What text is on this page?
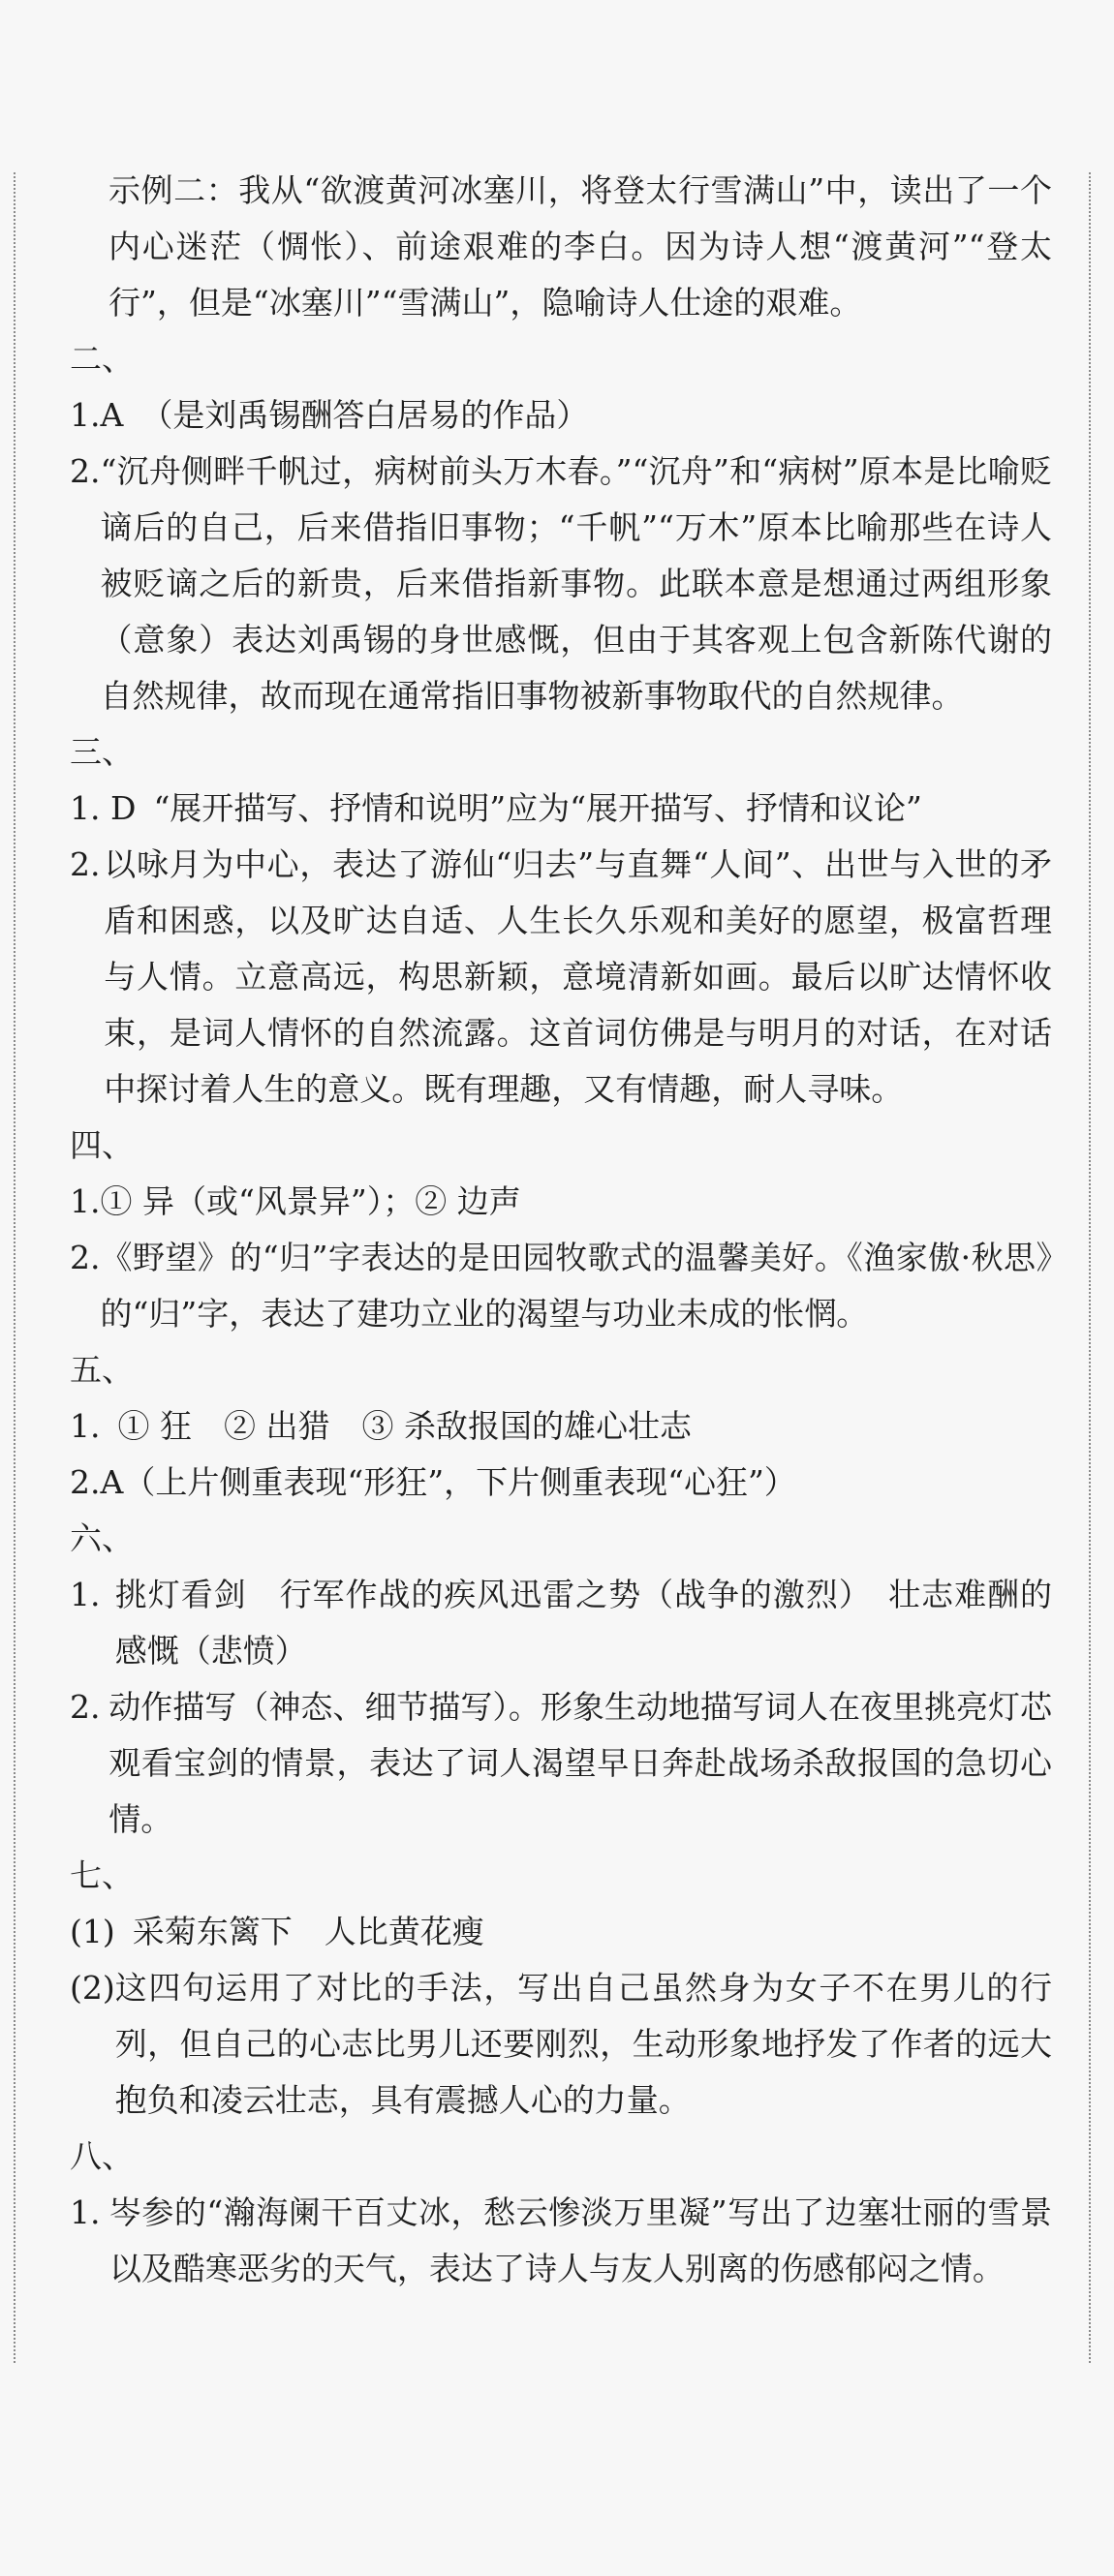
示例二：我从“欲渡黄河冰塞川，将登太行雪满山”中，读出了一个内心迷茫（惆怅）、前途艰难的李白。因为诗人想“渡黄河”“登太行”，但是“冰塞川”“雪满山”，隐喻诗人仕途的艰难。
二、
1.A （是刘禹锡酬答白居易的作品）
2. “沉舟侧畔千帆过，病树前头万木春。”“沉舟”和“病树”原本是比喻贬谪后的自己，后来借指旧事物；“千帆”“万木”原本比喻那些在诗人被贬谪之后的新贵，后来借指新事物。此联本意是想通过两组形象（意象）表达刘禹锡的身世感慨，但由于其客观上包含新陈代谢的自然规律，故而现在通常指旧事物被新事物取代的自然规律。
三、
1. D “展开描写、抒情和说明”应为“展开描写、抒情和议论”
2. 以咏月为中心，表达了游仙“归去”与直舞“人间”、出世与入世的矛盾和困惑，以及旷达自适、人生长久乐观和美好的愿望，极富哲理与人情。立意高远，构思新颖，意境清新如画。最后以旷达情怀收束，是词人情怀的自然流露。这首词仿佛是与明月的对话，在对话中探讨着人生的意义。既有理趣，又有情趣，耐人寻味。
四、
1. ① 异（或“风景异”）；② 边声
2. 《野望》的“归”字表达的是田园牧歌式的温馨美好。《渔家傲·秋思》的“归”字，表达了建功立业的渴望与功业未成的怅惘。
五、
1. ① 狂　② 出猎　③ 杀敌报国的雄心壮志
2.A （上片侧重表现“形狂”，下片侧重表现“心狂”）
六、
1. 挑灯看剑　行军作战的疾风迅雷之势（战争的激烈）　壮志难酬的感慨（悲愤）
2. 动作描写（神态、细节描写）。形象生动地描写词人在夜里挑亮灯芯观看宝剑的情景，表达了词人渴望早日奔赴战场杀敌报国的急切心情。
七、
(1) 采菊东篱下　人比黄花瘦
(2) 这四句运用了对比的手法，写出自己虽然身为女子不在男儿的行列，但自己的心志比男儿还要刚烈，生动形象地抒发了作者的远大抱负和凌云壮志，具有震撼人心的力量。
八、
1. 岑参的“瀚海阑干百丈冰，愁云惨淡万里凝”写出了边塞壮丽的雪景以及酷寒恶劣的天气，表达了诗人与友人别离的伤感郁闷之情。
